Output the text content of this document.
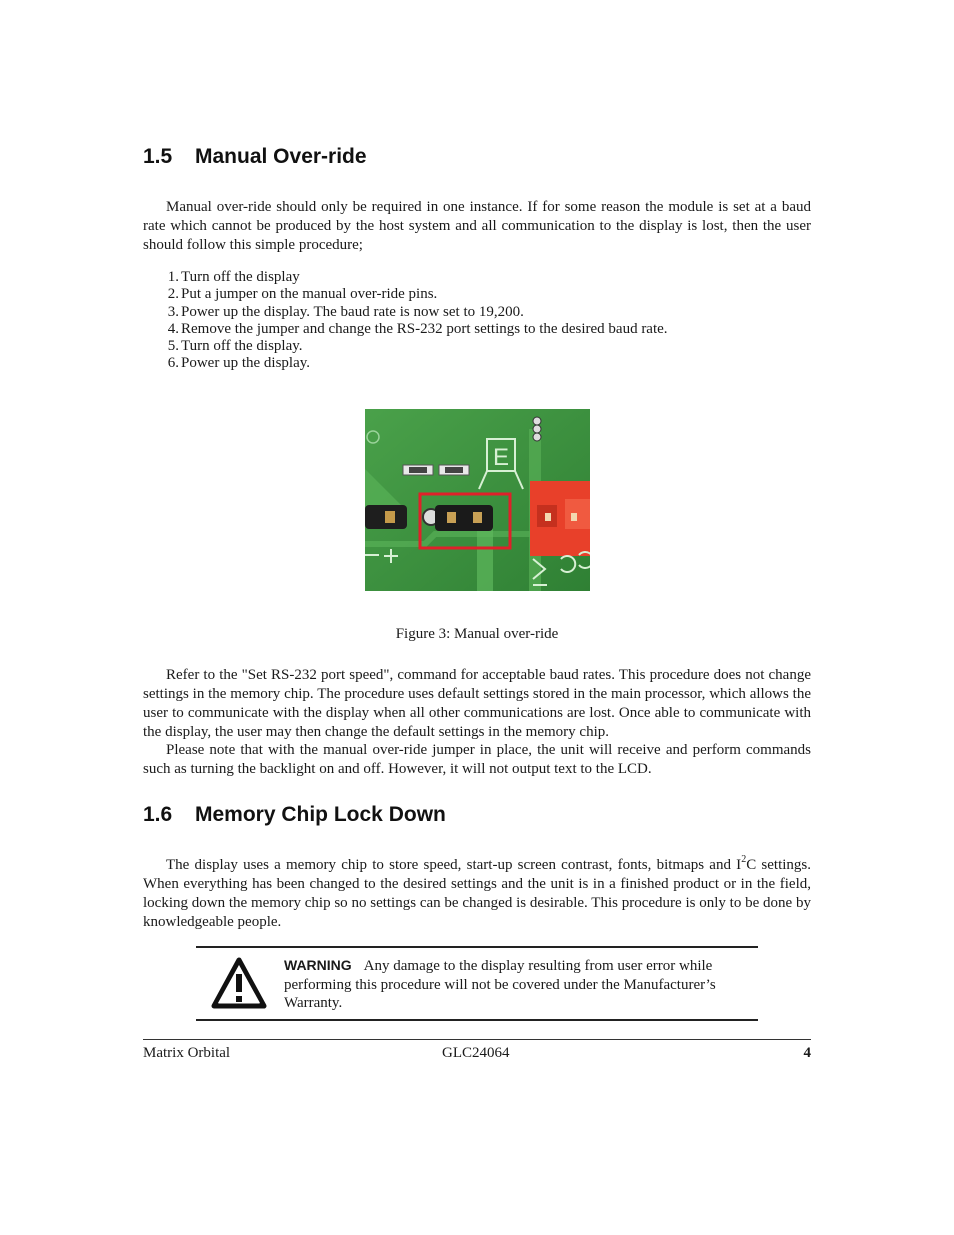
1.5 Manual Over-ride

Manual over-ride should only be required in one instance. If for some reason the module is set at a baud rate which cannot be produced by the host system and all communication to the display is lost, then the user should follow this simple procedure;

1. Turn off the display
2. Put a jumper on the manual over-ride pins.
3. Power up the display. The baud rate is now set to 19,200.
4. Remove the jumper and change the RS-232 port settings to the desired baud rate.
5. Turn off the display.
6. Power up the display.
E
Figure 3: Manual over-ride

Refer to the "Set RS-232 port speed", command for acceptable baud rates. This procedure does not change settings in the memory chip. The procedure uses default settings stored in the main processor, which allows the user to communicate with the display when all other communications are lost. Once able to communicate with the display, the user may then change the default settings in the memory chip.

Please note that with the manual over-ride jumper in place, the unit will receive and perform commands such as turning the backlight on and off. However, it will not output text to the LCD.

1.6 Memory Chip Lock Down

The display uses a memory chip to store speed, start-up screen contrast, fonts, bitmaps and $I^2C$ settings. When everything has been changed to the desired settings and the unit is in a finished product or in the field, locking down the memory chip so no settings can be changed is desirable. This procedure is only to be done by knowledgeable people.

WARNING Any damage to the display resulting from user error while performing this procedure will not be covered under the Manufacturer’s Warranty.
Matrix Orbital	GLC24064	4
